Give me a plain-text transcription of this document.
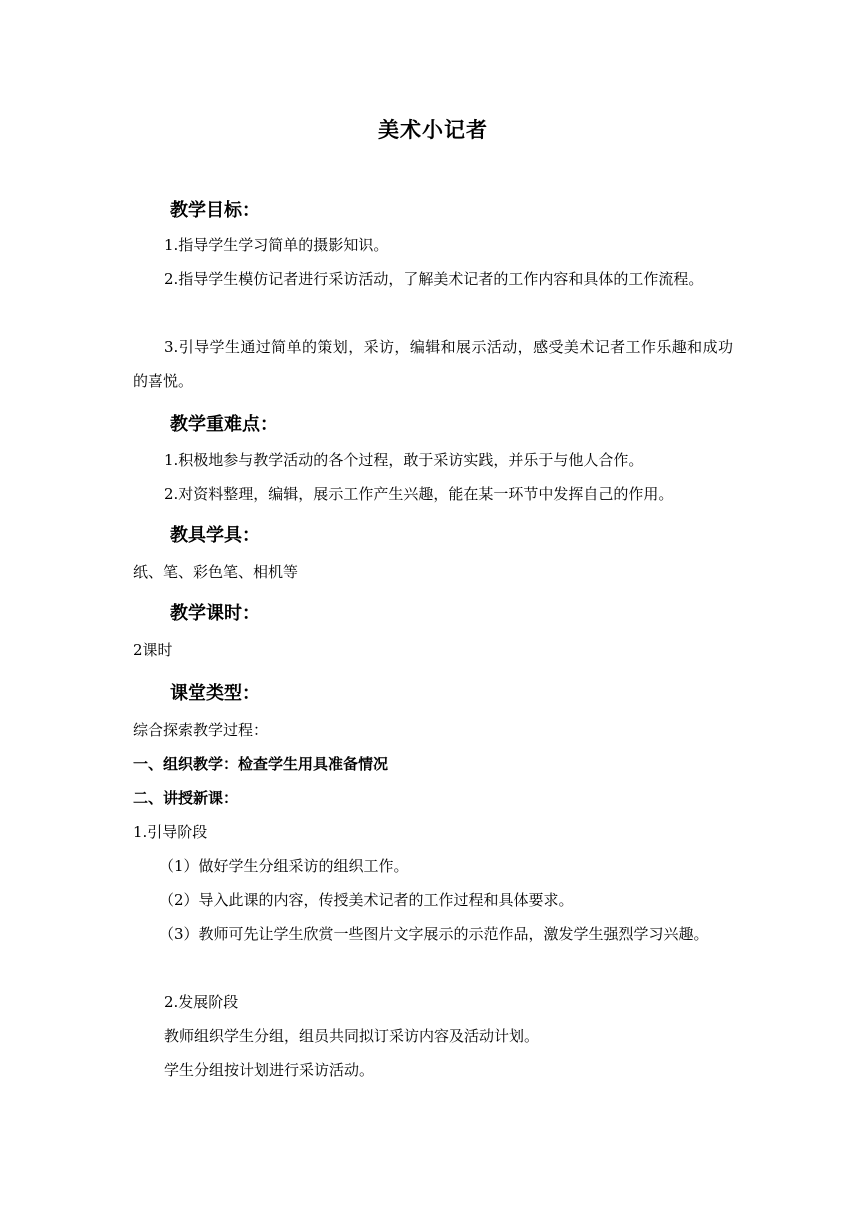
美术小记者
教学目标：
1.指导学生学习简单的摄影知识。
2.指导学生模仿记者进行采访活动，了解美术记者的工作内容和具体的工作流程。
3.引导学生通过简单的策划，采访，编辑和展示活动，感受美术记者工作乐趣和成功的喜悦。
教学重难点：
1.积极地参与教学活动的各个过程，敢于采访实践，并乐于与他人合作。
2.对资料整理，编辑，展示工作产生兴趣，能在某一环节中发挥自己的作用。
教具学具：
纸、笔、彩色笔、相机等
教学课时：
2课时
课堂类型：
综合探索教学过程：
一、组织教学：检查学生用具准备情况
二、讲授新课：
1.引导阶段
（1）做好学生分组采访的组织工作。
（2）导入此课的内容，传授美术记者的工作过程和具体要求。
（3）教师可先让学生欣赏一些图片文字展示的示范作品，激发学生强烈学习兴趣。
2.发展阶段
教师组织学生分组，组员共同拟订采访内容及活动计划。
学生分组按计划进行采访活动。
